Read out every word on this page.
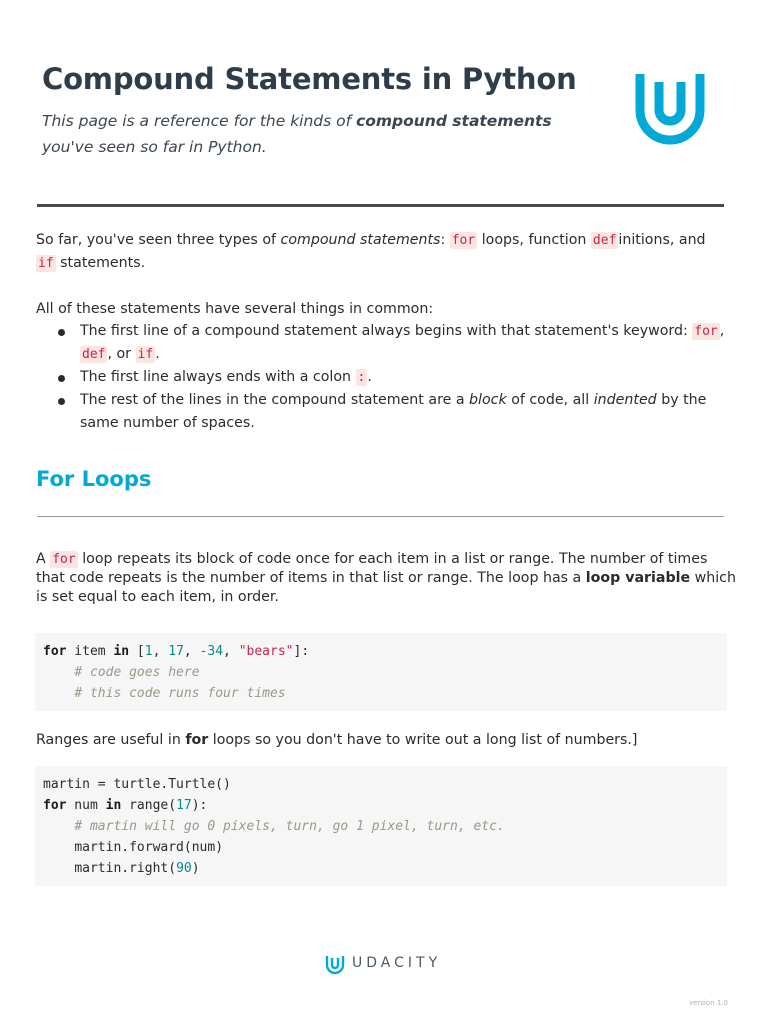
Compound Statements in Python

This page is a reference for the kinds of compound statements you've seen so far in Python.

So far, you've seen three types of compound statements: for loops, function def initions, and if statements.

All of these statements have several things in common:

The first line of a compound statement always begins with that statement's keyword: for , def , or if .
The first line always ends with a colon : .
The rest of the lines in the compound statement are a block of code, all indented by the same number of spaces.
For Loops

A for loop repeats its block of code once for each item in a list or range. The number of times that code repeats is the number of items in that list or range. The loop has a loop variable which is set equal to each item, in order.

for item in [1, 17, -34, "bears"]:
# code goes here
# this code runs four times

Ranges are useful in for loops so you don't have to write out a long list of numbers.]

martin = turtle.Turtle()
for num in range(17):
# martin will go 0 pixels, turn, go 1 pixel, turn, etc.
martin.forward(num)
martin.right(90)

UDACITY

version 1.0
